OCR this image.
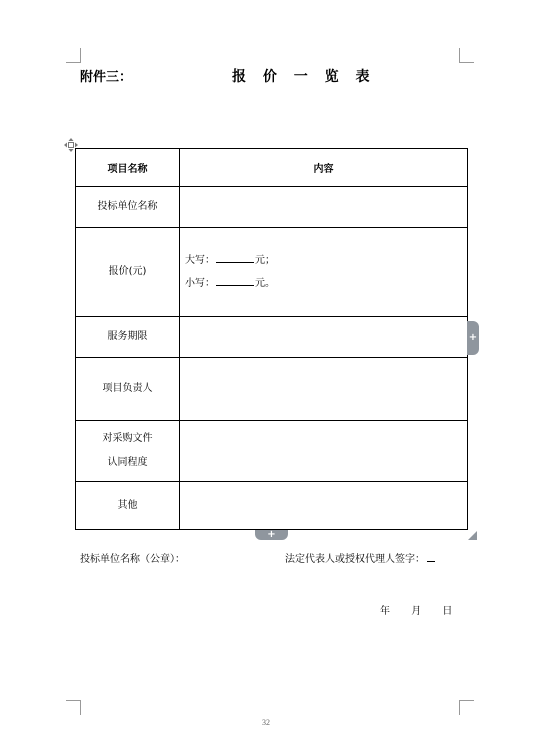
附件三：	报 价 一 览 表
项目名称	内容
投标单位名称	
报价(元)	大写： 元；
小写： 元。

服务期限	
项目负责人	

对采购文件
认同程度	

其他	
+
+
投标单位名称（公章）：	法定代表人或授权代理人签字：
年 月 日
32
